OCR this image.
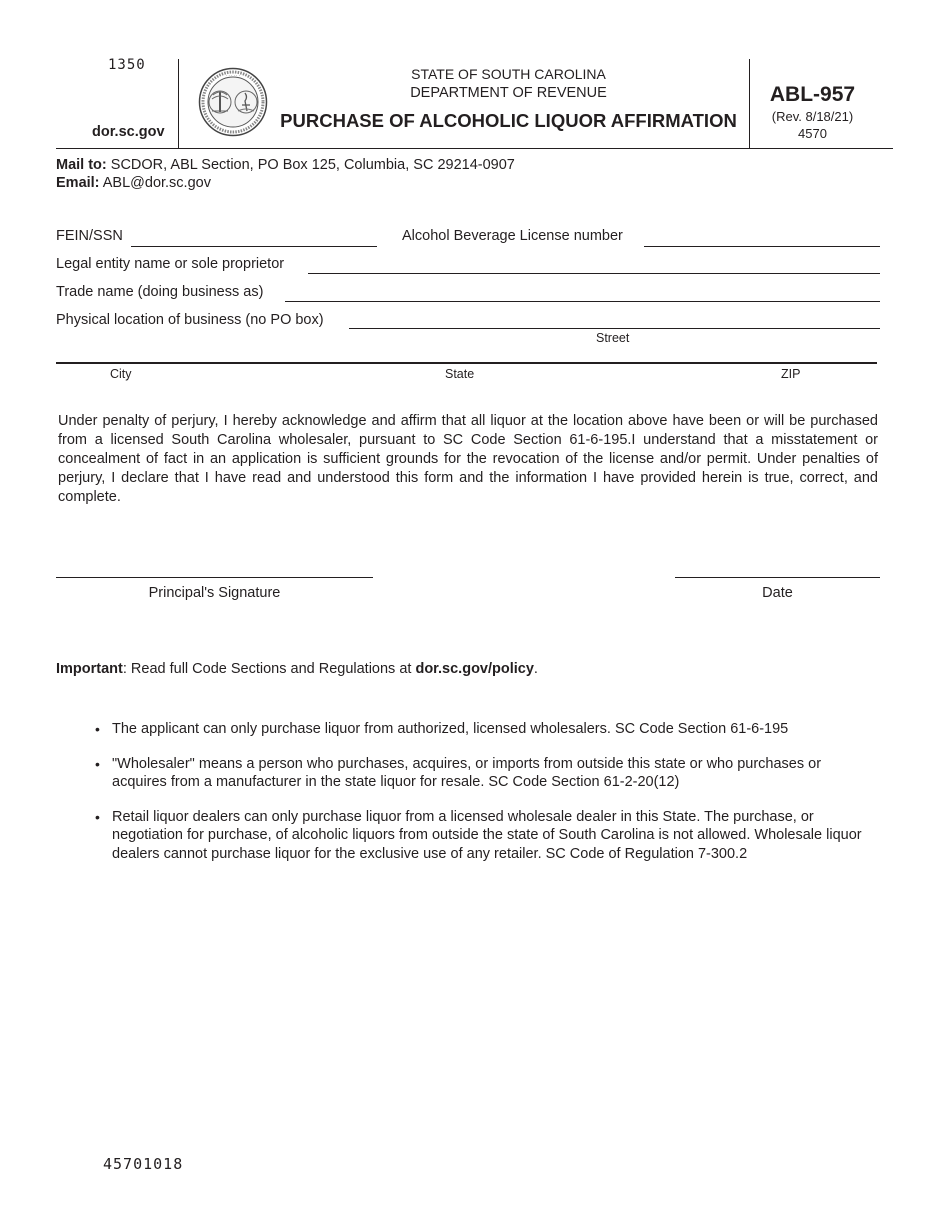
1350
dor.sc.gov
· · · · · ·	STATE OF SOUTH CAROLINA
DEPARTMENT OF REVENUE
PURCHASE OF ALCOHOLIC LIQUOR AFFIRMATION
ABL-957
(Rev. 8/18/21)
4570
Mail to: SCDOR, ABL Section, PO Box 125, Columbia, SC 29214-0907
Email: ABL@dor.sc.gov
FEIN/SSN	Alcohol Beverage License number
Legal entity name or sole proprietor
Trade name (doing business as)
Physical location of business (no PO box)
Street
City	State	ZIP
Under penalty of perjury, I hereby acknowledge and affirm that all liquor at the location above have been or will be purchased from a licensed South Carolina wholesaler, pursuant to SC Code Section 61-6-195.I understand that a misstatement or concealment of fact in an application is sufficient grounds for the revocation of the license and/or permit. Under penalties of perjury, I declare that I have read and understood this form and the information I have provided herein is true, correct, and complete.
Principal's Signature	Date
Important: Read full Code Sections and Regulations at dor.sc.gov/policy.
• The applicant can only purchase liquor from authorized, licensed wholesalers. SC Code Section 61-6-195
• "Wholesaler" means a person who purchases, acquires, or imports from outside this state or who purchases or acquires from a manufacturer in the state liquor for resale. SC Code Section 61-2-20(12)
• Retail liquor dealers can only purchase liquor from a licensed wholesale dealer in this State. The purchase, or negotiation for purchase, of alcoholic liquors from outside the state of South Carolina is not allowed. Wholesale liquor dealers cannot purchase liquor for the exclusive use of any retailer. SC Code of Regulation 7-300.2
45701018
